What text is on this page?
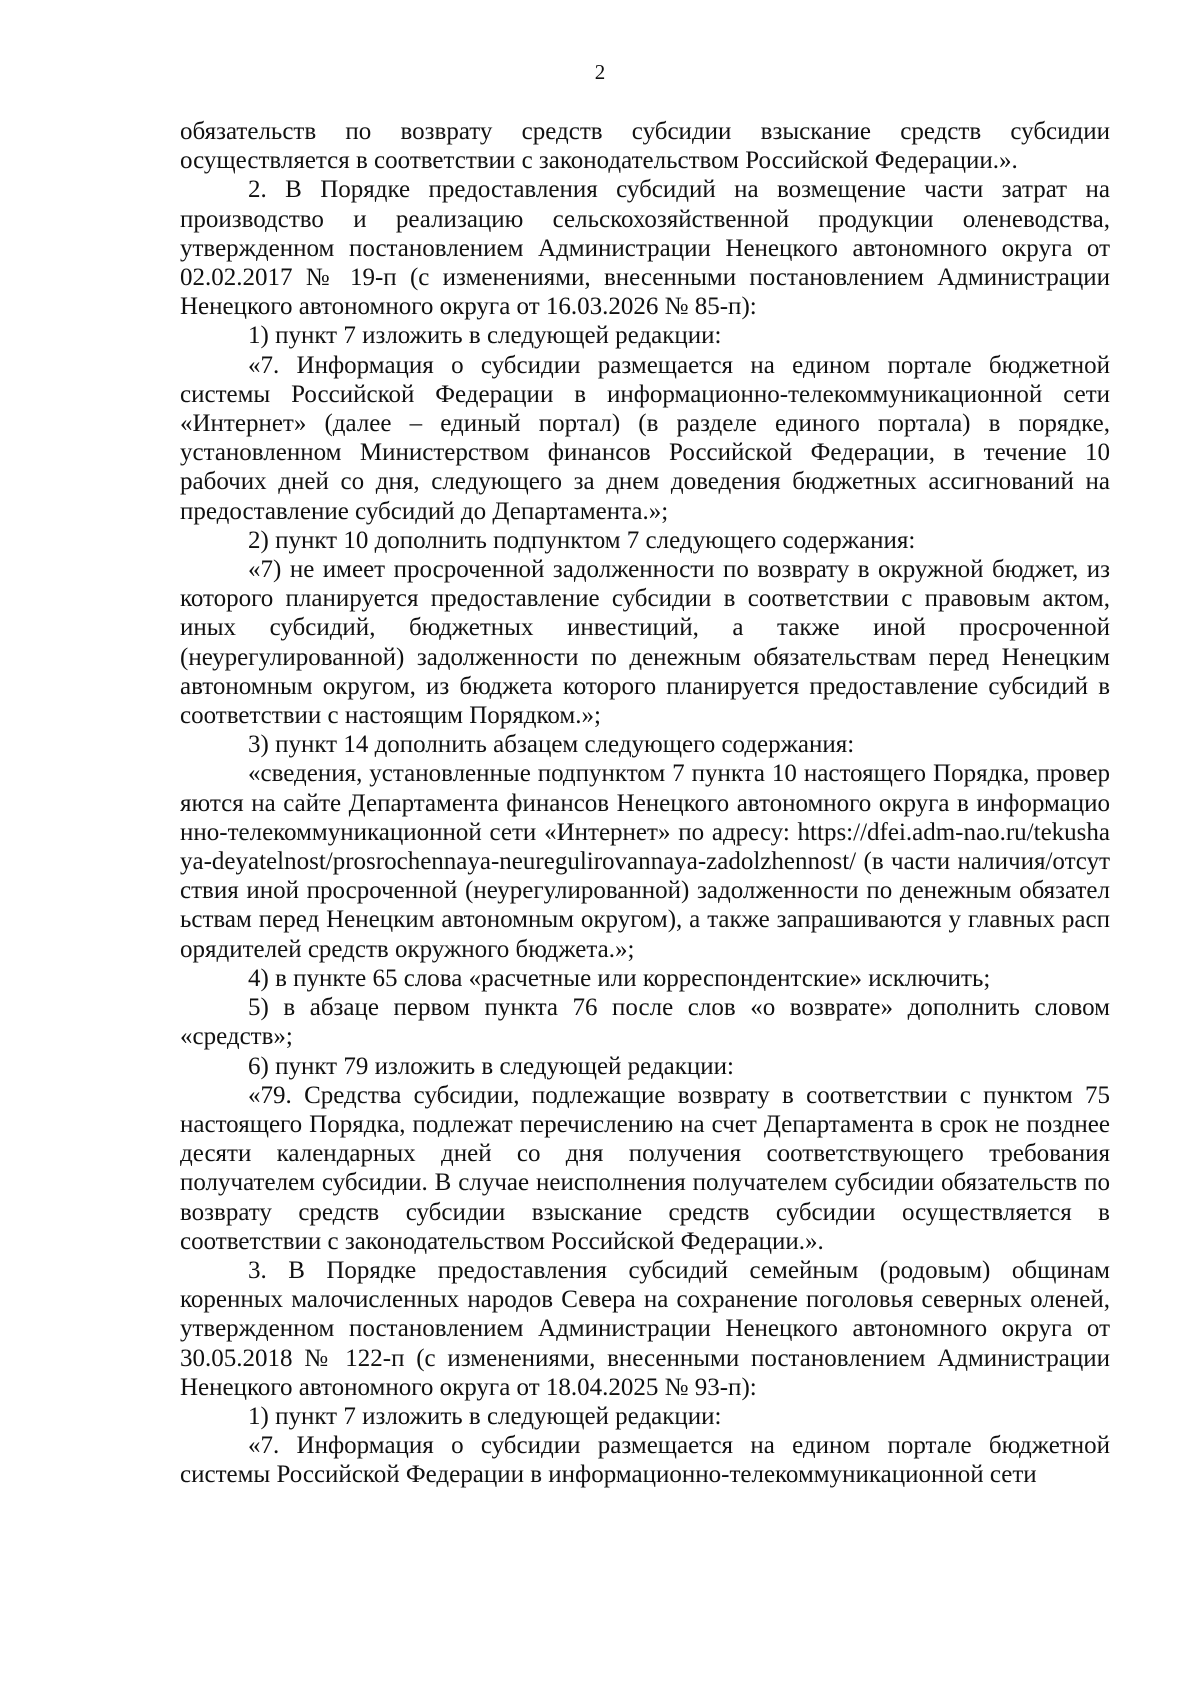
2

обязательств по возврату средств субсидии взыскание средств субсидии осуществляется в соответствии с законодательством Российской Федерации.».

2. В Порядке предоставления субсидий на возмещение части затрат на производство и реализацию сельскохозяйственной продукции оленеводства, утвержденном постановлением Администрации Ненецкого автономного округа от 02.02.2017 № 19-п (с изменениями, внесенными постановлением Администрации Ненецкого автономного округа от 16.03.2026 № 85-п):

1) пункт 7 изложить в следующей редакции:

«7. Информация о субсидии размещается на едином портале бюджетной системы Российской Федерации в информационно-телекоммуникационной сети «Интернет» (далее – единый портал) (в разделе единого портала) в порядке, установленном Министерством финансов Российской Федерации, в течение 10 рабочих дней со дня, следующего за днем доведения бюджетных ассигнований на предоставление субсидий до Департамента.»;

2) пункт 10 дополнить подпунктом 7 следующего содержания:

«7) не имеет просроченной задолженности по возврату в окружной бюджет, из которого планируется предоставление субсидии в соответствии с правовым актом, иных субсидий, бюджетных инвестиций, а также иной просроченной (неурегулированной) задолженности по денежным обязательствам перед Ненецким автономным округом, из бюджета которого планируется предоставление субсидий в соответствии с настоящим Порядком.»;

3) пункт 14 дополнить абзацем следующего содержания:

«сведения, установленные подпунктом 7 пункта 10 настоящего Порядка, проверяются на сайте Департамента финансов Ненецкого автономного округа в информационно-телекоммуникационной сети «Интернет» по адресу: https://dfei.adm-nao.ru/tekushaya-deyatelnost/prosrochennaya-neuregulirovannaya-zadolzhennost/ (в части наличия/отсутствия иной просроченной (неурегулированной) задолженности по денежным обязательствам перед Ненецким автономным округом), а также запрашиваются у главных распорядителей средств окружного бюджета.»;

4) в пункте 65 слова «расчетные или корреспондентские» исключить;

5) в абзаце первом пункта 76 после слов «о возврате» дополнить словом «средств»;

6) пункт 79 изложить в следующей редакции:

«79. Средства субсидии, подлежащие возврату в соответствии с пунктом 75 настоящего Порядка, подлежат перечислению на счет Департамента в срок не позднее десяти календарных дней со дня получения соответствующего требования получателем субсидии. В случае неисполнения получателем субсидии обязательств по возврату средств субсидии взыскание средств субсидии осуществляется в соответствии с законодательством Российской Федерации.».

3. В Порядке предоставления субсидий семейным (родовым) общинам коренных малочисленных народов Севера на сохранение поголовья северных оленей, утвержденном постановлением Администрации Ненецкого автономного округа от 30.05.2018 № 122-п (с изменениями, внесенными постановлением Администрации Ненецкого автономного округа от 18.04.2025 № 93-п):

1) пункт 7 изложить в следующей редакции:

«7. Информация о субсидии размещается на едином портале бюджетной системы Российской Федерации в информационно-телекоммуникационной сети
